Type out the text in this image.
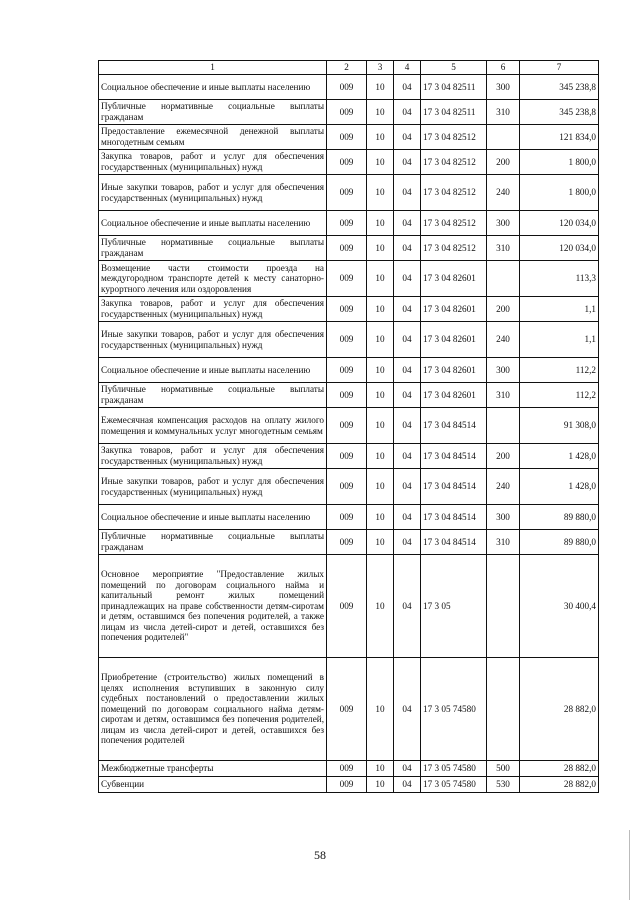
1	2	3	4	5	6	7
Социальное обеспечение и иные выплаты населению	009	10	04	17 3 04 82511	300	345 238,8
Публичные нормативные социальные выплаты гражданам	009	10	04	17 3 04 82511	310	345 238,8
Предоставление ежемесячной денежной выплаты многодетным семьям	009	10	04	17 3 04 82512		121 834,0
Закупка товаров, работ и услуг для обеспечения государственных (муниципальных) нужд	009	10	04	17 3 04 82512	200	1 800,0
Иные закупки товаров, работ и услуг для обеспечения государственных (муниципальных) нужд	009	10	04	17 3 04 82512	240	1 800,0
Социальное обеспечение и иные выплаты населению	009	10	04	17 3 04 82512	300	120 034,0
Публичные нормативные социальные выплаты гражданам	009	10	04	17 3 04 82512	310	120 034,0
Возмещение части стоимости проезда на междугородном транспорте детей к месту санаторно-курортного лечения или оздоровления	009	10	04	17 3 04 82601		113,3
Закупка товаров, работ и услуг для обеспечения государственных (муниципальных) нужд	009	10	04	17 3 04 82601	200	1,1
Иные закупки товаров, работ и услуг для обеспечения государственных (муниципальных) нужд	009	10	04	17 3 04 82601	240	1,1
Социальное обеспечение и иные выплаты населению	009	10	04	17 3 04 82601	300	112,2
Публичные нормативные социальные выплаты гражданам	009	10	04	17 3 04 82601	310	112,2
Ежемесячная компенсация расходов на оплату жилого помещения и коммунальных услуг многодетным семьям	009	10	04	17 3 04 84514		91 308,0
Закупка товаров, работ и услуг для обеспечения государственных (муниципальных) нужд	009	10	04	17 3 04 84514	200	1 428,0
Иные закупки товаров, работ и услуг для обеспечения государственных (муниципальных) нужд	009	10	04	17 3 04 84514	240	1 428,0
Социальное обеспечение и иные выплаты населению	009	10	04	17 3 04 84514	300	89 880,0
Публичные нормативные социальные выплаты гражданам	009	10	04	17 3 04 84514	310	89 880,0
Основное мероприятие "Предоставление жилых помещений по договорам социального найма и капитальный ремонт жилых помещений принадлежащих на праве собственности детям-сиротам и детям, оставшимся без попечения родителей, а также лицам из числа детей-сирот и детей, оставшихся без попечения родителей"	009	10	04	17 3 05		30 400,4
Приобретение (строительство) жилых помещений в целях исполнения вступивших в законную силу судебных постановлений о предоставлении жилых помещений по договорам социального найма детям-сиротам и детям, оставшимся без попечения родителей, лицам из числа детей-сирот и детей, оставшихся без попечения родителей	009	10	04	17 3 05 74580		28 882,0
Межбюджетные трансферты	009	10	04	17 3 05 74580	500	28 882,0
Субвенции	009	10	04	17 3 05 74580	530	28 882,0
58
